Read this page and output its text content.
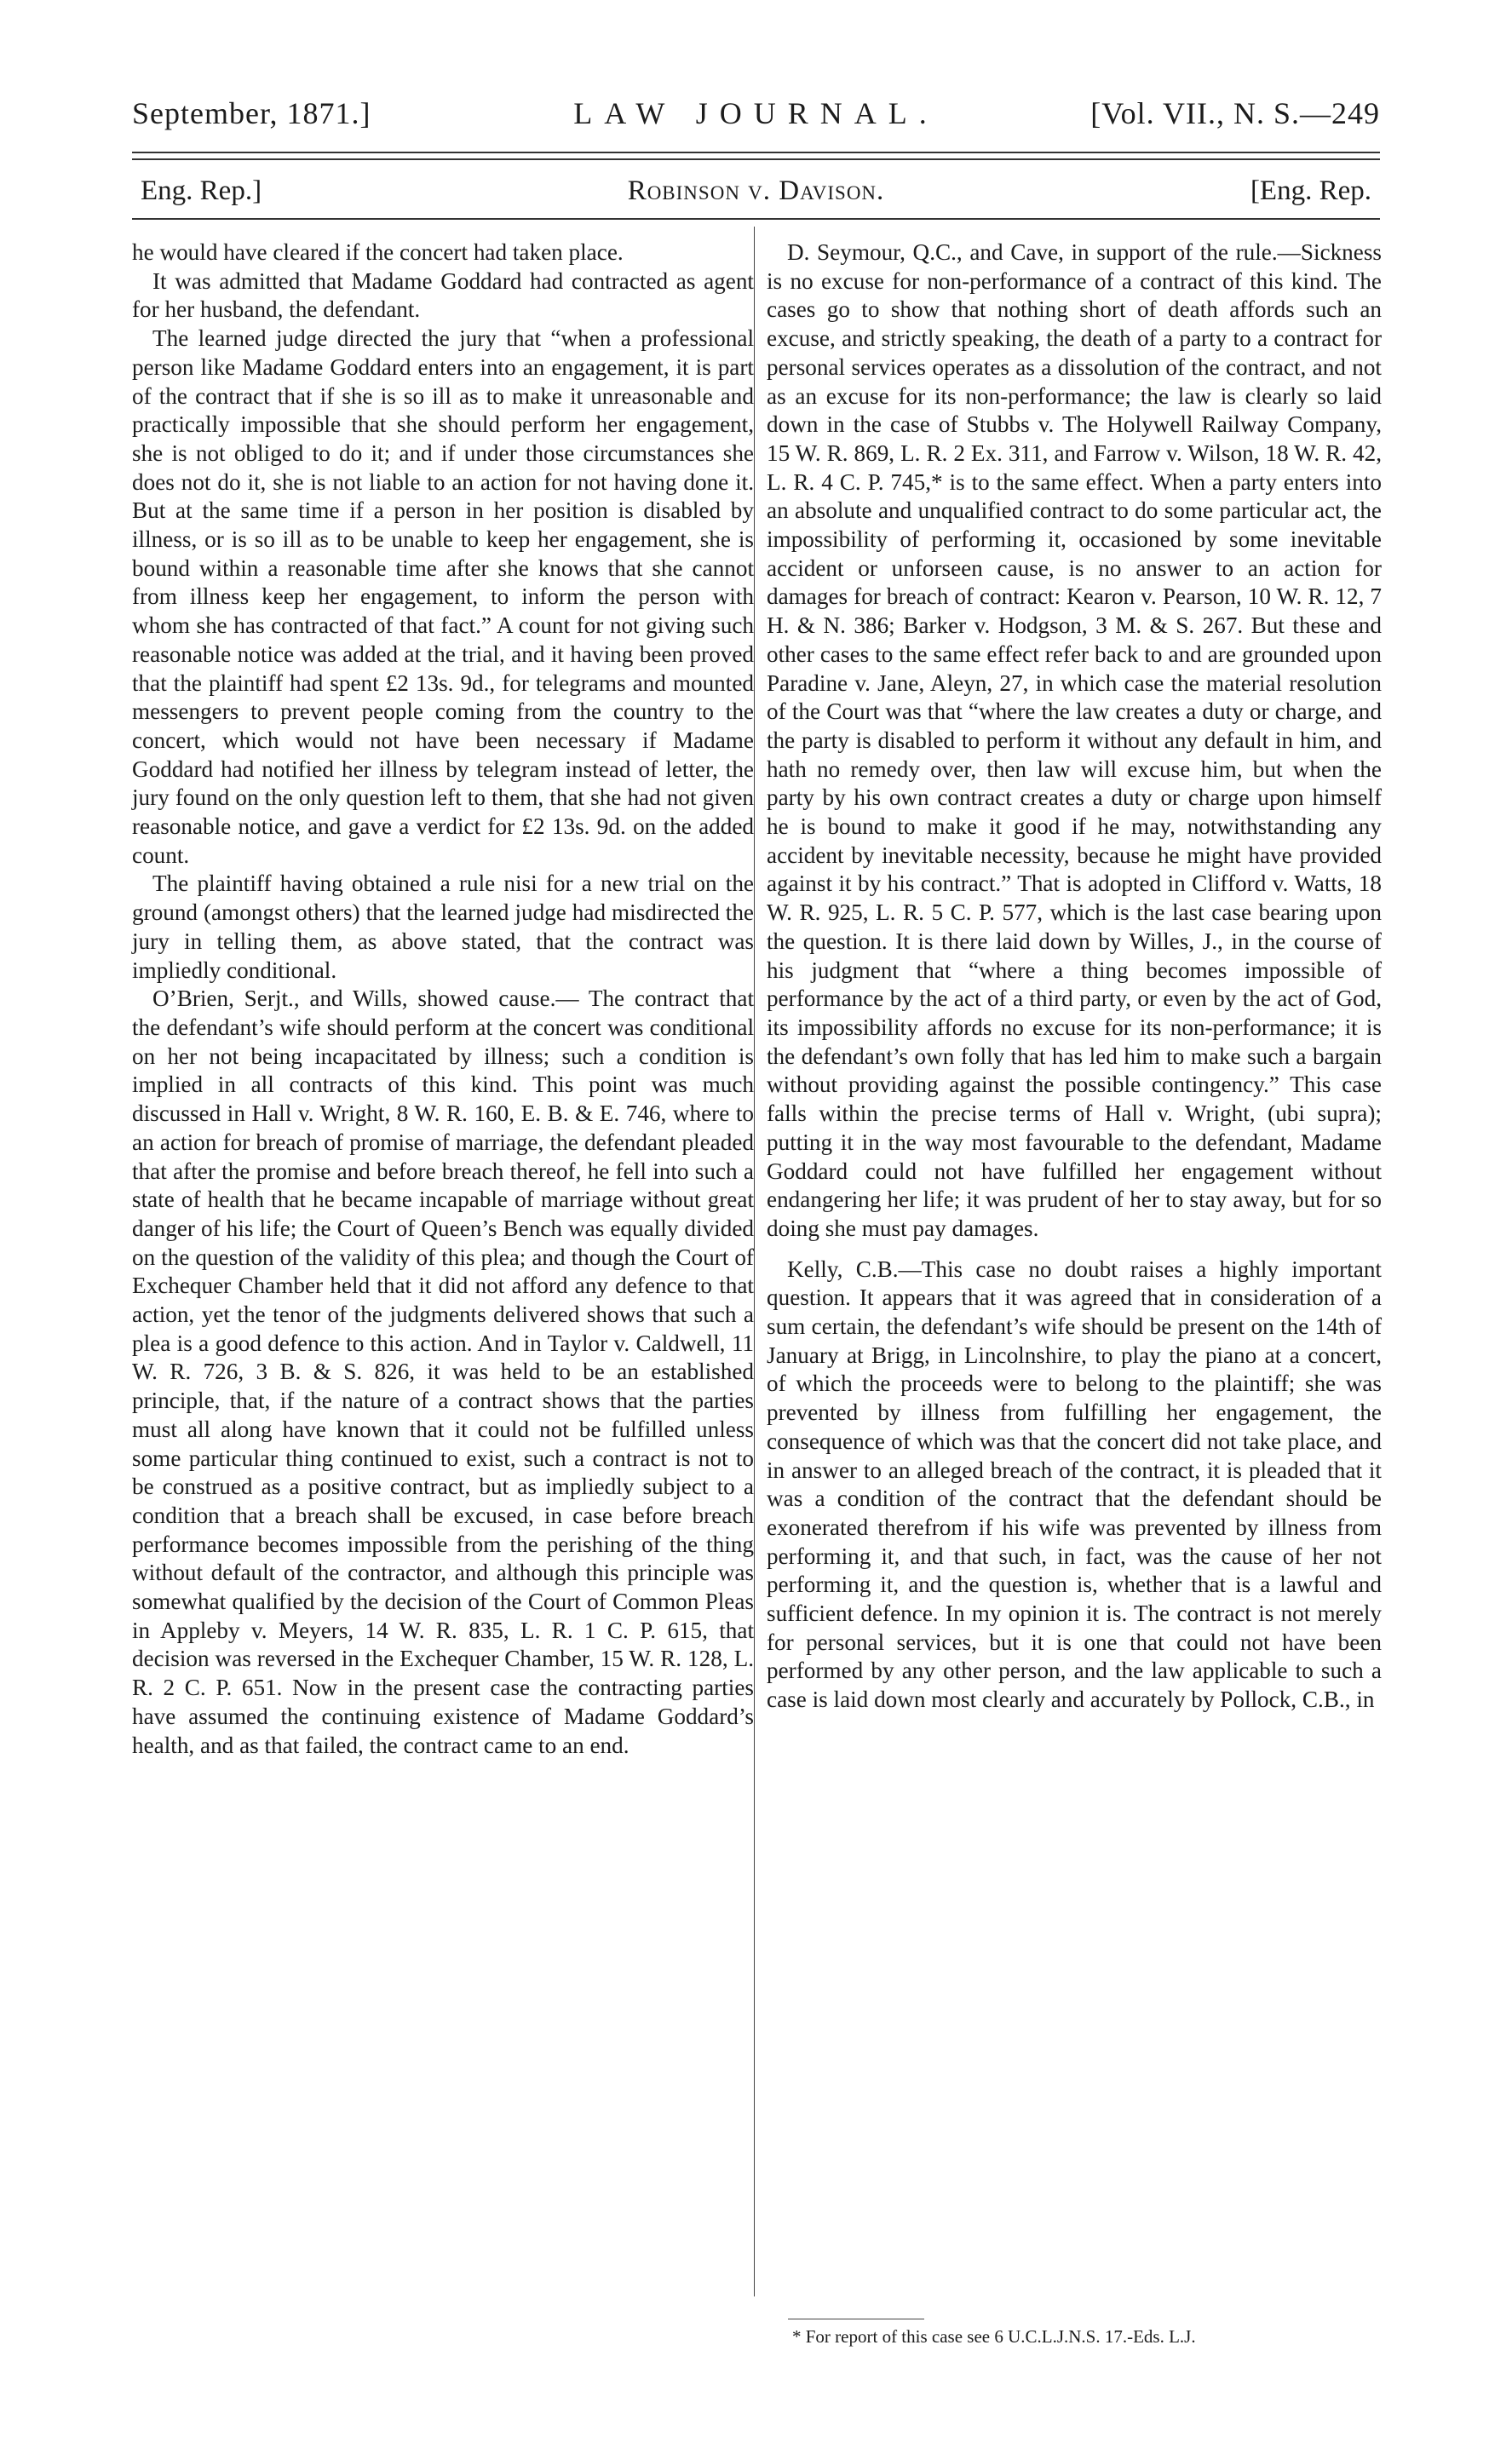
September, 1871.]	LAW JOURNAL.	[Vol. VII., N. S.—249
Eng. Rep.]	Robinson v. Davison.	[Eng. Rep.

he would have cleared if the concert had taken place.

It was admitted that Madame Goddard had contracted as agent for her husband, the defendant.

The learned judge directed the jury that “when a professional person like Madame Goddard enters into an engagement, it is part of the contract that if she is so ill as to make it unreasonable and practically impossible that she should perform her engagement, she is not obliged to do it; and if under those circumstances she does not do it, she is not liable to an action for not having done it. But at the same time if a person in her position is disabled by illness, or is so ill as to be unable to keep her engagement, she is bound within a reasonable time after she knows that she cannot from illness keep her engagement, to inform the person with whom she has contracted of that fact.” A count for not giving such reasonable notice was added at the trial, and it having been proved that the plaintiff had spent £2 13s. 9d., for telegrams and mounted messengers to prevent people coming from the country to the concert, which would not have been necessary if Madame Goddard had notified her illness by telegram instead of letter, the jury found on the only question left to them, that she had not given reasonable notice, and gave a verdict for £2 13s. 9d. on the added count.

The plaintiff having obtained a rule nisi for a new trial on the ground (amongst others) that the learned judge had misdirected the jury in telling them, as above stated, that the contract was impliedly conditional.

O’Brien, Serjt., and Wills, showed cause.— The contract that the defendant’s wife should perform at the concert was conditional on her not being incapacitated by illness; such a condition is implied in all contracts of this kind. This point was much discussed in Hall v. Wright, 8 W. R. 160, E. B. & E. 746, where to an action for breach of promise of marriage, the defendant pleaded that after the promise and before breach thereof, he fell into such a state of health that he became incapable of marriage without great danger of his life; the Court of Queen’s Bench was equally divided on the question of the validity of this plea; and though the Court of Exchequer Chamber held that it did not afford any defence to that action, yet the tenor of the judgments delivered shows that such a plea is a good defence to this action. And in Taylor v. Caldwell, 11 W. R. 726, 3 B. & S. 826, it was held to be an established principle, that, if the nature of a contract shows that the parties must all along have known that it could not be fulfilled unless some particular thing continued to exist, such a contract is not to be construed as a positive contract, but as impliedly subject to a condition that a breach shall be excused, in case before breach performance becomes impossible from the perishing of the thing without default of the contractor, and although this principle was somewhat qualified by the decision of the Court of Common Pleas in Appleby v. Meyers, 14 W. R. 835, L. R. 1 C. P. 615, that decision was reversed in the Exchequer Chamber, 15 W. R. 128, L. R. 2 C. P. 651. Now in the present case the contracting parties have assumed the continuing existence of Madame Goddard’s health, and as that failed, the contract came to an end.

D. Seymour, Q.C., and Cave, in support of the rule.—Sickness is no excuse for non-performance of a contract of this kind. The cases go to show that nothing short of death affords such an excuse, and strictly speaking, the death of a party to a contract for personal services operates as a dissolution of the contract, and not as an excuse for its non-performance; the law is clearly so laid down in the case of Stubbs v. The Holywell Railway Company, 15 W. R. 869, L. R. 2 Ex. 311, and Farrow v. Wilson, 18 W. R. 42, L. R. 4 C. P. 745,* is to the same effect. When a party enters into an absolute and unqualified contract to do some particular act, the impossibility of performing it, occasioned by some inevitable accident or unforseen cause, is no answer to an action for damages for breach of contract: Kearon v. Pearson, 10 W. R. 12, 7 H. & N. 386; Barker v. Hodgson, 3 M. & S. 267. But these and other cases to the same effect refer back to and are grounded upon Paradine v. Jane, Aleyn, 27, in which case the material resolution of the Court was that “where the law creates a duty or charge, and the party is disabled to perform it without any default in him, and hath no remedy over, then law will excuse him, but when the party by his own contract creates a duty or charge upon himself he is bound to make it good if he may, notwithstanding any accident by inevitable necessity, because he might have provided against it by his contract.” That is adopted in Clifford v. Watts, 18 W. R. 925, L. R. 5 C. P. 577, which is the last case bearing upon the question. It is there laid down by Willes, J., in the course of his judgment that “where a thing becomes impossible of performance by the act of a third party, or even by the act of God, its impossibility affords no excuse for its non-performance; it is the defendant’s own folly that has led him to make such a bargain without providing against the possible contingency.” This case falls within the precise terms of Hall v. Wright, (ubi supra); putting it in the way most favourable to the defendant, Madame Goddard could not have fulfilled her engagement without endangering her life; it was prudent of her to stay away, but for so doing she must pay damages.

Kelly, C.B.—This case no doubt raises a highly important question. It appears that it was agreed that in consideration of a sum certain, the defendant’s wife should be present on the 14th of January at Brigg, in Lincolnshire, to play the piano at a concert, of which the proceeds were to belong to the plaintiff; she was prevented by illness from fulfilling her engagement, the consequence of which was that the concert did not take place, and in answer to an alleged breach of the contract, it is pleaded that it was a condition of the contract that the defendant should be exonerated therefrom if his wife was prevented by illness from performing it, and that such, in fact, was the cause of her not performing it, and the question is, whether that is a lawful and sufficient defence. In my opinion it is. The contract is not merely for personal services, but it is one that could not have been performed by any other person, and the law applicable to such a case is laid down most clearly and accurately by Pollock, C.B., in

* For report of this case see 6 U.C.L.J.N.S. 17.-Eds. L.J.
